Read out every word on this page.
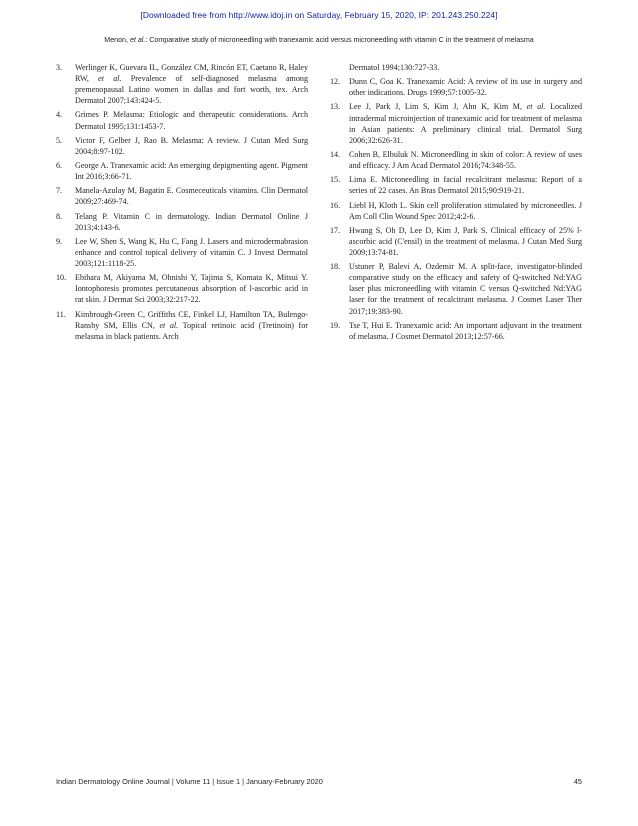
[Downloaded free from http://www.idoj.in on Saturday, February 15, 2020, IP: 201.243.250.224]
Menon, et al.: Comparative study of microneedling with tranexamic acid versus microneedling with vitamin C in the treatment of melasma
3.	Werlinger K, Guevara IL, González CM, Rincón ET, Caetano R, Haley RW, et al. Prevalence of self-diagnosed melasma among premenopausal Latino women in dallas and fort worth, tex. Arch Dermatol 2007;143:424-5.
4.	Grimes P. Melasma: Etiologic and therapeutic considerations. Arch Dermatol 1995;131:1453-7.
5.	Victor F, Gelber J, Rao B. Melasma: A review. J Cutan Med Surg 2004;8:97-102.
6.	George A. Tranexamic acid: An emerging depigmenting agent. Pigment Int 2016;3:66-71.
7.	Manela-Azulay M, Bagatin E. Cosmeceuticals vitamins. Clin Dermatol 2009;27:469-74.
8.	Telang P. Vitamin C in dermatology. Indian Dermatol Online J 2013;4:143-6.
9.	Lee W, Shen S, Wang K, Hu C, Fang J. Lasers and microdermabrasion enhance and control topical delivery of vitamin C. J Invest Dermatol 2003;121:1118-25.
10.	Ebihara M, Akiyama M, Ohnishi Y, Tajima S, Komata K, Mitsui Y. Iontophoresis promotes percutaneous absorption of l-ascorbic acid in rat skin. J Dermat Sci 2003;32:217-22.
11.	Kimbrough-Green C, Griffiths CE, Finkel LJ, Hamilton TA, Bulengo-Ransby SM, Ellis CN, et al. Topical retinoic acid (Tretinoin) for melasma in black patients. Arch
Dermatol 1994;130:727-33.
12.	Dunn C, Goa K. Tranexamic Acid: A review of its use in surgery and other indications. Drugs 1999;57:1005-32.
13.	Lee J, Park J, Lim S, Kim J, Ahn K, Kim M, et al. Localized intradermal microinjection of tranexamic acid for treatment of melasma in Asian patients: A preliminary clinical trial. Dermatol Surg 2006;32:626-31.
14.	Cohen B, Elbuluk N. Microneedling in skin of color: A review of uses and efficacy. J Am Acad Dermatol 2016;74:348-55.
15.	Lima E. Microneedling in facial recalcitrant melasma: Report of a series of 22 cases. An Bras Dermatol 2015;90:919-21.
16.	Liebl H, Kloth L. Skin cell proliferation stimulated by microneedles. J Am Coll Clin Wound Spec 2012;4:2-6.
17.	Hwang S, Oh D, Lee D, Kim J, Park S. Clinical efficacy of 25% l-ascorbic acid (C'ensil) in the treatment of melasma. J Cutan Med Surg 2009;13:74-81.
18.	Ustuner P, Balevi A, Ozdemir M. A split-face, investigator-blinded comparative study on the efficacy and safety of Q-switched Nd:YAG laser plus microneedling with vitamin C versus Q-switched Nd:YAG laser for the treatment of recalcitrant melasma. J Cosmet Laser Ther 2017;19:383-90.
19.	Tse T, Hui E. Tranexamic acid: An important adjuvant in the treatment of melasma. J Cosmet Dermatol 2013;12:57-66.
Indian Dermatology Online Journal | Volume 11 | Issue 1 | January-February 2020	45
